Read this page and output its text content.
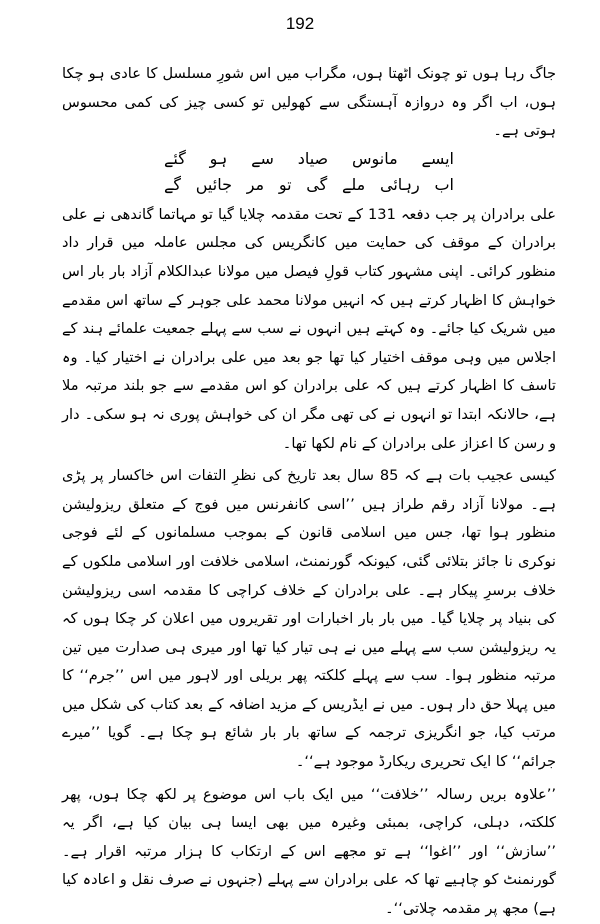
192

جاگ رہا ہوں تو چونک اٹھتا ہوں، مگراب میں اس شورِ مسلسل کا عادی ہو چکا ہوں، اب اگر وہ دروازہ آہستگی سے کھولیں تو کسی چیز کی کمی محسوس ہوتی ہے۔

ایسے مانوس صیاد سے ہو گئے
اب رہائی ملے گی تو مر جائیں گے

علی برادران پر جب دفعہ 131 کے تحت مقدمہ چلایا گیا تو مہاتما گاندھی نے علی برادران کے موقف کی حمایت میں کانگریس کی مجلس عاملہ میں قرار داد منظور کرائی۔ اپنی مشہور کتاب قولِ فیصل میں مولانا عبدالکلام آزاد بار بار اس خواہش کا اظہار کرتے ہیں کہ انہیں مولانا محمد علی جوہر کے ساتھ اس مقدمے میں شریک کیا جائے۔ وہ کہتے ہیں انہوں نے سب سے پہلے جمعیت علمائے ہند کے اجلاس میں وہی موقف اختیار کیا تھا جو بعد میں علی برادران نے اختیار کیا۔ وہ تاسف کا اظہار کرتے ہیں کہ علی برادران کو اس مقدمے سے جو بلند مرتبہ ملا ہے، حالانکہ ابتدا تو انہوں نے کی تھی مگر ان کی خواہش پوری نہ ہو سکی۔ دار و رسن کا اعزاز علی برادران کے نام لکھا تھا۔

کیسی عجیب بات ہے کہ 85 سال بعد تاریخ کی نظرِ التفات اس خاکسار پر پڑی ہے۔ مولانا آزاد رقم طراز ہیں ’’اسی کانفرنس میں فوج کے متعلق ریزولیشن منظور ہوا تھا، جس میں اسلامی قانون کے بموجب مسلمانوں کے لئے فوجی نوکری نا جائز بتلائی گئی، کیونکہ گورنمنٹ، اسلامی خلافت اور اسلامی ملکوں کے خلاف برسرِ پیکار ہے۔ علی برادران کے خلاف کراچی کا مقدمہ اسی ریزولیشن کی بنیاد پر چلایا گیا۔ میں بار بار اخبارات اور تقریروں میں اعلان کر چکا ہوں کہ یہ ریزولیشن سب سے پہلے میں نے ہی تیار کیا تھا اور میری ہی صدارت میں تین مرتبہ منظور ہوا۔ سب سے پہلے کلکتہ پھر بریلی اور لاہور میں اس ’’جرم‘‘ کا میں پہلا حق دار ہوں۔ میں نے ایڈریس کے مزید اضافہ کے بعد کتاب کی شکل میں مرتب کیا، جو انگریزی ترجمہ کے ساتھ بار بار شائع ہو چکا ہے۔ گویا ’’میرے جرائم‘‘ کا ایک تحریری ریکارڈ موجود ہے‘‘۔

’’علاوہ بریں رسالہ ’’خلافت‘‘ میں ایک باب اس موضوع پر لکھ چکا ہوں، پھر کلکتہ، دہلی، کراچی، بمبئی وغیرہ میں بھی ایسا ہی بیان کیا ہے، اگر یہ ’’سازش‘‘ اور ’’اغوا‘‘ ہے تو مجھے اس کے ارتکاب کا ہزار مرتبہ اقرار ہے۔ گورنمنٹ کو چاہیے تھا کہ علی برادران سے پہلے (جنہوں نے صرف نقل و اعادہ کیا ہے) مجھ پر مقدمہ چلاتی‘‘۔
